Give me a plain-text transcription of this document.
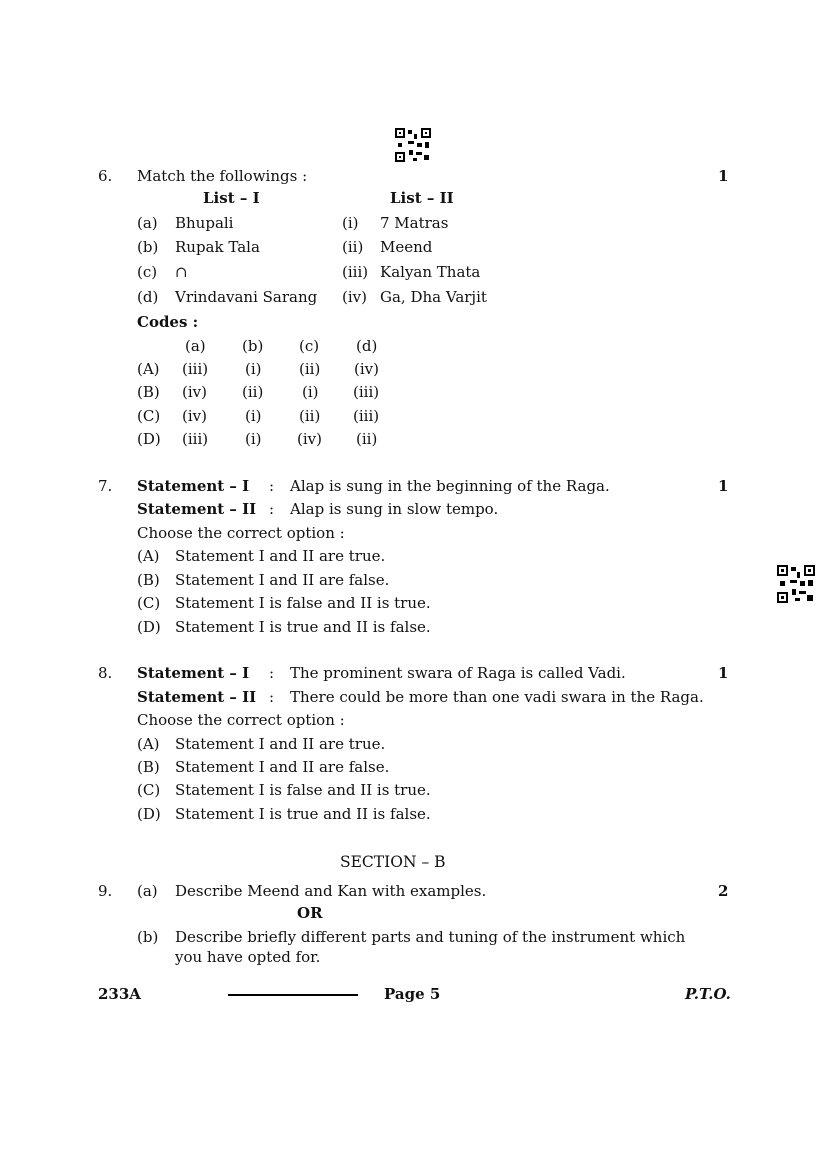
6. Match the followings :	1
List – I	List – II
(a) Bhupali	(i) 7 Matras
(b) Rupak Tala	(ii) Meend
(c) ∩	(iii) Kalyan Thata
(d) Vrindavani Sarang (iv) Ga, Dha Varjit
Codes :
(a) (b) (c) (d)
(A) (iii) (i) (ii) (iv)
(B) (iv) (ii)	(i) (iii)
(C) (iv)	(i) (ii) (iii)
(D) (iii) (i) (iv) (ii)
7. Statement – I : Alap is sung in the beginning of the Raga.	1
Statement – II : Alap is sung in slow tempo.
Choose the correct option :
(A) Statement I and II are true.
(B) Statement I and II are false.
(C) Statement I is false and II is true.
(D) Statement I is true and II is false.
8. Statement – I : The prominent swara of Raga is called Vadi.	1
Statement – II : There could be more than one vadi swara in the Raga.
Choose the correct option :
(A) Statement I and II are true.
(B) Statement I and II are false.
(C) Statement I is false and II is true.
(D) Statement I is true and II is false.
SECTION – B
9. (a) Describe Meend and Kan with examples.	2
OR
(b) Describe briefly different parts and tuning of the instrument which
you have opted for.
233A	Page 5	P.T.O.
